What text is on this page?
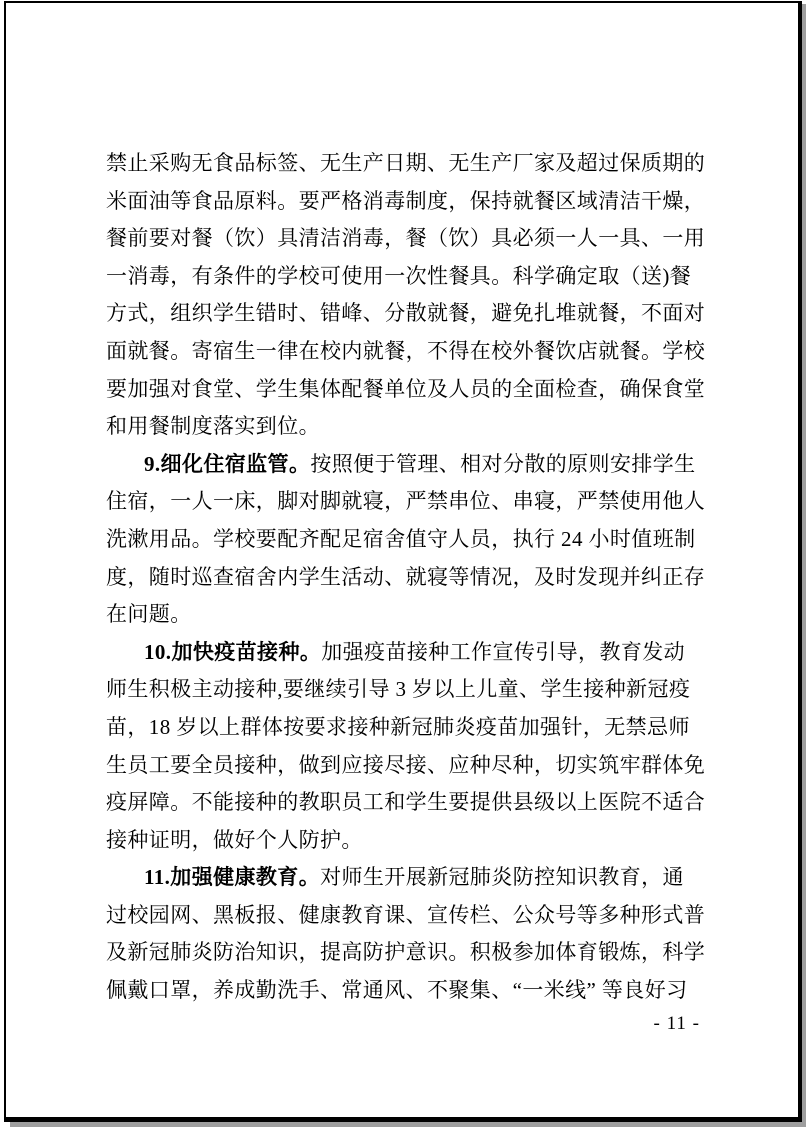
禁止采购无食品标签、无生产日期、无生产厂家及超过保质期的
米面油等食品原料。要严格消毒制度，保持就餐区域清洁干燥，
餐前要对餐（饮）具清洁消毒，餐（饮）具必须一人一具、一用
一消毒，有条件的学校可使用一次性餐具。科学确定取（送)餐
方式，组织学生错时、错峰、分散就餐，避免扎堆就餐，不面对
面就餐。寄宿生一律在校内就餐，不得在校外餐饮店就餐。学校
要加强对食堂、学生集体配餐单位及人员的全面检查，确保食堂
和用餐制度落实到位。
9.细化住宿监管。按照便于管理、相对分散的原则安排学生
住宿，一人一床，脚对脚就寝，严禁串位、串寝，严禁使用他人
洗漱用品。学校要配齐配足宿舍值守人员，执行 24 小时值班制
度，随时巡查宿舍内学生活动、就寝等情况，及时发现并纠正存
在问题。
10.加快疫苗接种。加强疫苗接种工作宣传引导，教育发动
师生积极主动接种,要继续引导 3 岁以上儿童、学生接种新冠疫
苗，18 岁以上群体按要求接种新冠肺炎疫苗加强针，无禁忌师
生员工要全员接种，做到应接尽接、应种尽种，切实筑牢群体免
疫屏障。不能接种的教职员工和学生要提供县级以上医院不适合
接种证明，做好个人防护。
11.加强健康教育。对师生开展新冠肺炎防控知识教育，通
过校园网、黑板报、健康教育课、宣传栏、公众号等多种形式普
及新冠肺炎防治知识，提高防护意识。积极参加体育锻炼，科学
佩戴口罩，养成勤洗手、常通风、不聚集、“一米线” 等良好习
- 11 -
